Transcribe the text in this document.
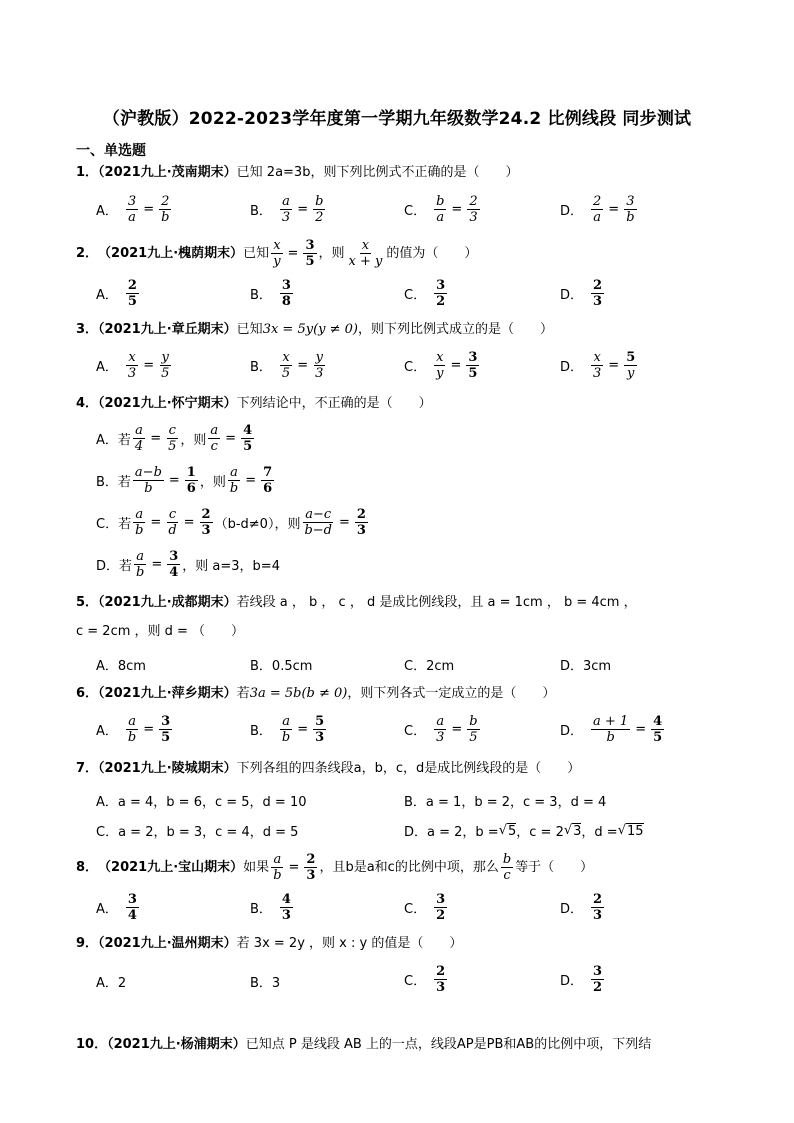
（沪教版）2022-2023学年度第一学期九年级数学24.2 比例线段 同步测试
一、单选题
1．（2021九上·茂南期末）已知 2a=3b，则下列比例式不正确的是（　　）
A． $\frac{3}{a} = \frac{2}{b}$	B． $\frac{a}{3} = \frac{b}{2}$	C． $\frac{b}{a} = \frac{2}{3}$	D． $\frac{2}{a} = \frac{3}{b}$
2． （2021九上·槐荫期末） 已知 $\frac{x}{y} = \frac{3}{5}$ ，则 $\frac{x}{x + y}$ 的值为（　　）
A． $\frac{2}{5}$	B． $\frac{3}{8}$	C． $\frac{3}{2}$	D． $\frac{2}{3}$
3．（2021九上·章丘期末）已知3x = 5y(y ≠ 0)，则下列比例式成立的是（　　）
A． $\frac{x}{3} = \frac{y}{5}$	B． $\frac{x}{5} = \frac{y}{3}$	C． $\frac{x}{y} = \frac{3}{5}$	D． $\frac{x}{3} = \frac{5}{y}$
4．（2021九上·怀宁期末）下列结论中，不正确的是（　　）
A．若 $\frac{a}{4} = \frac{c}{5}$ ，则 $\frac{a}{c} = \frac{4}{5}$
B．若 $\frac{a-b}{b} = \frac{1}{6}$ ，则 $\frac{a}{b} = \frac{7}{6}$
C．若 $\frac{a}{b} = \frac{c}{d} = \frac{2}{3} (b-d\ne 0)$，则 $\frac{a-c}{b-d} = \frac{2}{3}$
D．若 $\frac{a}{b} = \frac{3}{4}$ ，则 a=3，b=4
5．（2021九上·成都期末）若线段 a ， b ， c ， d 是成比例线段，且 a = 1cm ， b = 4cm ，
c = 2cm ，则 d = （　　）
A．8cm	B．0.5cm	C．2cm	D．3cm
6．（2021九上·萍乡期末）若3a = 5b(b ≠ 0)，则下列各式一定成立的是（　　）
A． $\frac{a}{b} = \frac{3}{5}$	B． $\frac{a}{b} = \frac{5}{3}$	C． $\frac{a}{3} = \frac{b}{5}$	D． $\frac{a + 1}{b} = \frac{4}{5}$
7．（2021九上·陵城期末）下列各组的四条线段a，b，c，d是成比例线段的是（　　）
A．a = 4，b = 6，c = 5，d = 10	B．a = 1，b = 2，c = 3，d = 4
C．a = 2，b = 3，c = 4，d = 5	D．a = 2，b = √ 5 ，c = 2 √ 3 ，d = √ 15
8． （2021九上·宝山期末） 如果 $\frac{a}{b} = \frac{2}{3}$ ，且b是a和c的比例中项，那么 $\frac{b}{c}$ 等于（　　）
A． $\frac{3}{4}$	B． $\frac{4}{3}$	C． $\frac{3}{2}$	D． $\frac{2}{3}$
9．（2021九上·温州期末）若 3x = 2y ，则 x : y 的值是（　　）
A．2	B．3	C． $\frac{2}{3}$	D． $\frac{3}{2}$
10．（2021九上·杨浦期末）已知点 P 是线段 AB 上的一点，线段AP是PB和AB的比例中项，下列结
